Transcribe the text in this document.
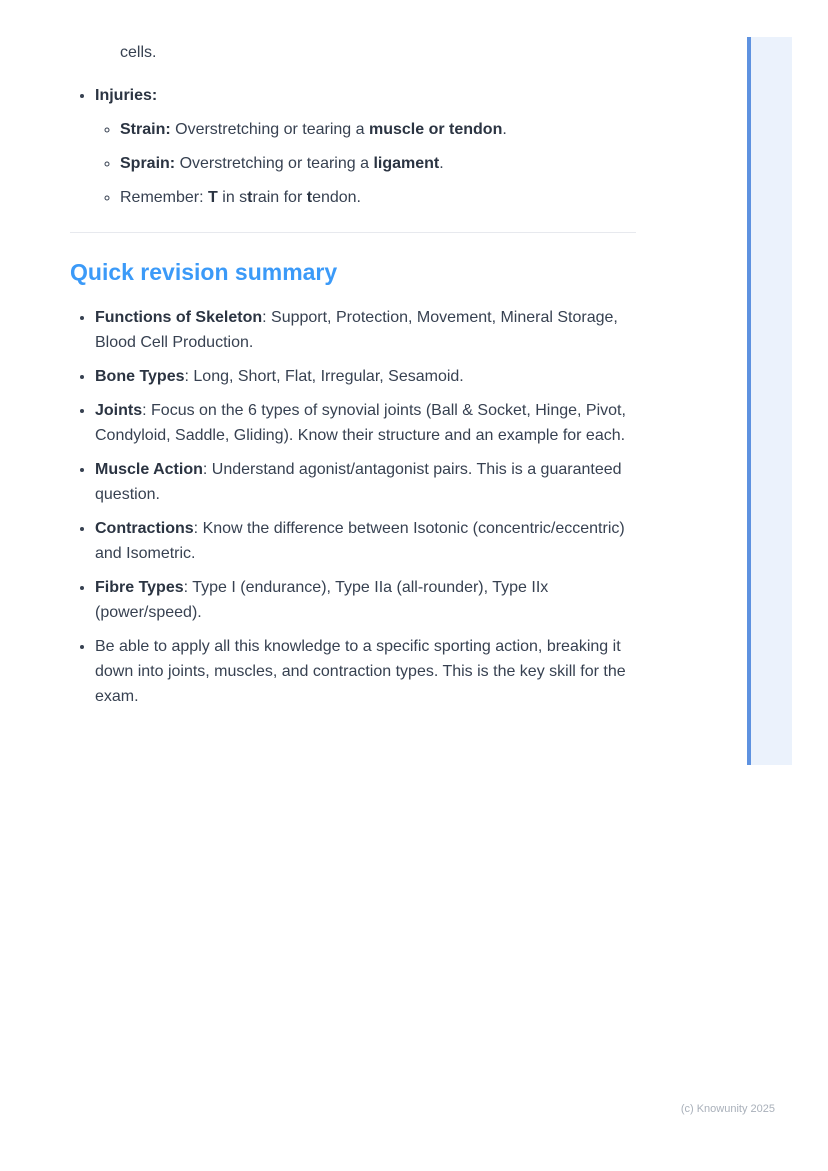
cells.

• Injuries:
◦ Strain: Overstretching or tearing a muscle or tendon.
◦ Sprain: Overstretching or tearing a ligament.
◦ Remember: T in strain for tendon.
Quick revision summary
• Functions of Skeleton: Support, Protection, Movement, Mineral Storage, Blood Cell Production.
• Bone Types: Long, Short, Flat, Irregular, Sesamoid.
• Joints: Focus on the 6 types of synovial joints (Ball & Socket, Hinge, Pivot, Condyloid, Saddle, Gliding). Know their structure and an example for each.
• Muscle Action: Understand agonist/antagonist pairs. This is a guaranteed question.
• Contractions: Know the difference between Isotonic (concentric/eccentric) and Isometric.
• Fibre Types: Type I (endurance), Type IIa (all-rounder), Type IIx (power/speed).
• Be able to apply all this knowledge to a specific sporting action, breaking it down into joints, muscles, and contraction types. This is the key skill for the exam.
(c) Knowunity 2025
